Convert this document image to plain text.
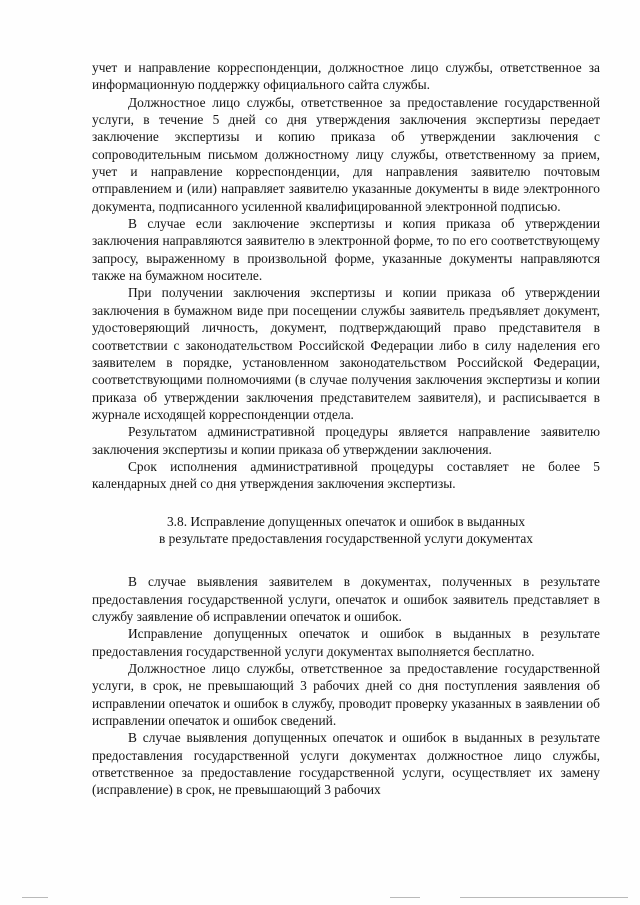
учет и направление корреспонденции, должностное лицо службы, ответственное за информационную поддержку официального сайта службы.

Должностное лицо службы, ответственное за предоставление государственной услуги, в течение 5 дней со дня утверждения заключения экспертизы передает заключение экспертизы и копию приказа об утверждении заключения с сопроводительным письмом должностному лицу службы, ответственному за прием, учет и направление корреспонденции, для направления заявителю почтовым отправлением и (или) направляет заявителю указанные документы в виде электронного документа, подписанного усиленной квалифицированной электронной подписью.

В случае если заключение экспертизы и копия приказа об утверждении заключения направляются заявителю в электронной форме, то по его соответствующему запросу, выраженному в произвольной форме, указанные документы направляются также на бумажном носителе.

При получении заключения экспертизы и копии приказа об утверждении заключения в бумажном виде при посещении службы заявитель предъявляет документ, удостоверяющий личность, документ, подтверждающий право представителя в соответствии с законодательством Российской Федерации либо в силу наделения его заявителем в порядке, установленном законодательством Российской Федерации, соответствующими полномочиями (в случае получения заключения экспертизы и копии приказа об утверждении заключения представителем заявителя), и расписывается в журнале исходящей корреспонденции отдела.

Результатом административной процедуры является направление заявителю заключения экспертизы и копии приказа об утверждении заключения.

Срок исполнения административной процедуры составляет не более 5 календарных дней со дня утверждения заключения экспертизы.

3.8. Исправление допущенных опечаток и ошибок в выданных
в результате предоставления государственной услуги документах

В случае выявления заявителем в документах, полученных в результате предоставления государственной услуги, опечаток и ошибок заявитель представляет в службу заявление об исправлении опечаток и ошибок.

Исправление допущенных опечаток и ошибок в выданных в результате предоставления государственной услуги документах выполняется бесплатно.

Должностное лицо службы, ответственное за предоставление государственной услуги, в срок, не превышающий 3 рабочих дней со дня поступления заявления об исправлении опечаток и ошибок в службу, проводит проверку указанных в заявлении об исправлении опечаток и ошибок сведений.

В случае выявления допущенных опечаток и ошибок в выданных в результате предоставления государственной услуги документах должностное лицо службы, ответственное за предоставление государственной услуги, осуществляет их замену (исправление) в срок, не превышающий 3 рабочих
